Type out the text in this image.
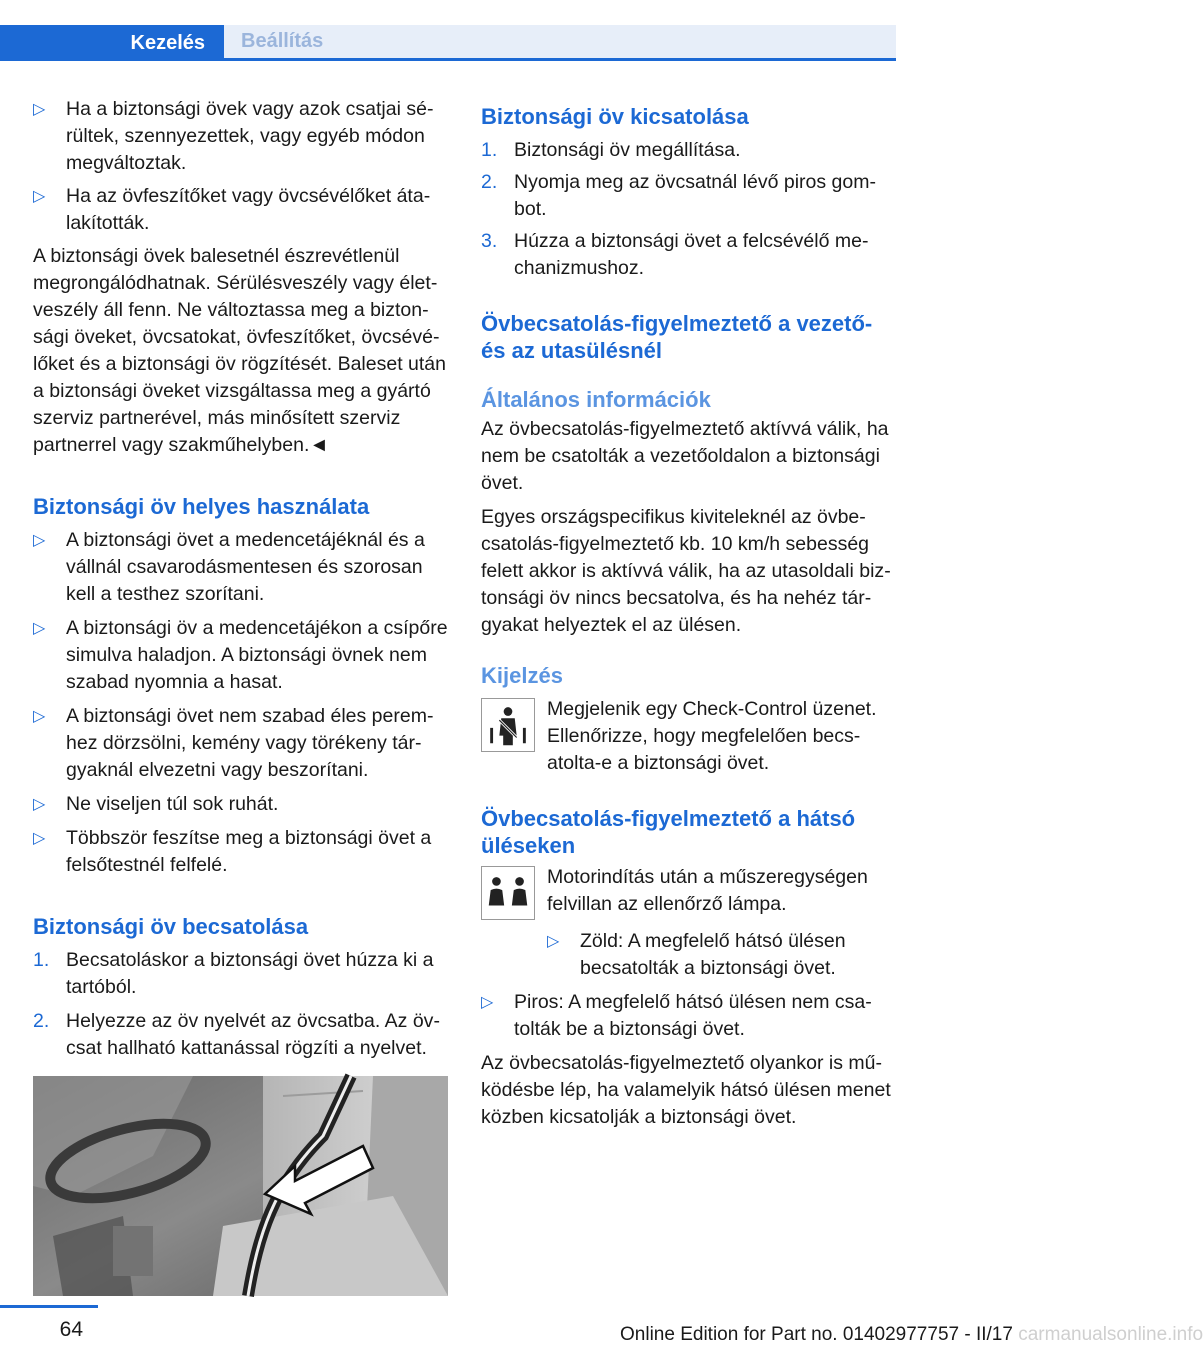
Kezelés	Beállítás
▷ Ha a biztonsági övek vagy azok csatjai sérültek, szennyezettek, vagy egyéb módon megváltoztak.
▷ Ha az övfeszítőket vagy övcsévélőket átalakították.

A biztonsági övek balesetnél észrevétlenül megrongálódhatnak. Sérülésveszély vagy életveszély áll fenn. Ne változtassa meg a biztonsági öveket, övcsatokat, övfeszítőket, övcsévélőket és a biztonsági öv rögzítését. Baleset után a biztonsági öveket vizsgáltassa meg a gyártó szerviz partnerével, más minősített szerviz partnerrel vagy szakműhelyben.◄

Biztonsági öv helyes használata
▷ A biztonsági övet a medencetájéknál és a vállnál csavarodásmentesen és szorosan kell a testhez szorítani.
▷ A biztonsági öv a medencetájékon a csípőre simulva haladjon. A biztonsági övnek nem szabad nyomnia a hasat.
▷ A biztonsági övet nem szabad éles peremhez dörzsölni, kemény vagy törékeny tárgyaknál elvezetni vagy beszorítani.
▷ Ne viseljen túl sok ruhát.
▷ Többször feszítse meg a biztonsági övet a felsőtestnél felfelé.
Biztonsági öv becsatolása
1. Becsatoláskor a biztonsági övet húzza ki a tartóból.
2. Helyezze az öv nyelvét az övcsatba. Az övcsat hallható kattanással rögzíti a nyelvet.
Biztonsági öv kicsatolása
1. Biztonsági öv megállítása.
2. Nyomja meg az övcsatnál lévő piros gombot.
3. Húzza a biztonsági övet a felcsévélő mechanizmushoz.
Övbecsatolás-figyelmeztető a vezető- és az utasülésnél
Általános információk

Az övbecsatolás-figyelmeztető aktívvá válik, ha nem be csatolták a vezetőoldalon a biztonsági övet.

Egyes országspecifikus kiviteleknél az övbecsatolás-figyelmeztető kb. 10 km/h sebesség felett akkor is aktívvá válik, ha az utasoldali biztonsági öv nincs becsatolva, és ha nehéz tárgyakat helyeztek el az ülésen.

Kijelzés

Megjelenik egy Check-Control üzenet. Ellenőrizze, hogy megfelelően becsatolta-e a biztonsági övet.

Övbecsatolás-figyelmeztető a hátsó üléseken

Motorindítás után a műszeregységen felvillan az ellenőrző lámpa.

▷ Zöld: A megfelelő hátsó ülésen becsatolták a biztonsági övet.
▷ Piros: A megfelelő hátsó ülésen nem csatolták be a biztonsági övet.

Az övbecsatolás-figyelmeztető olyankor is működésbe lép, ha valamelyik hátsó ülésen menet közben kicsatolják a biztonsági övet.

64	Online Edition for Part no. 01402977757 - II/17 carmanualsonline.info
